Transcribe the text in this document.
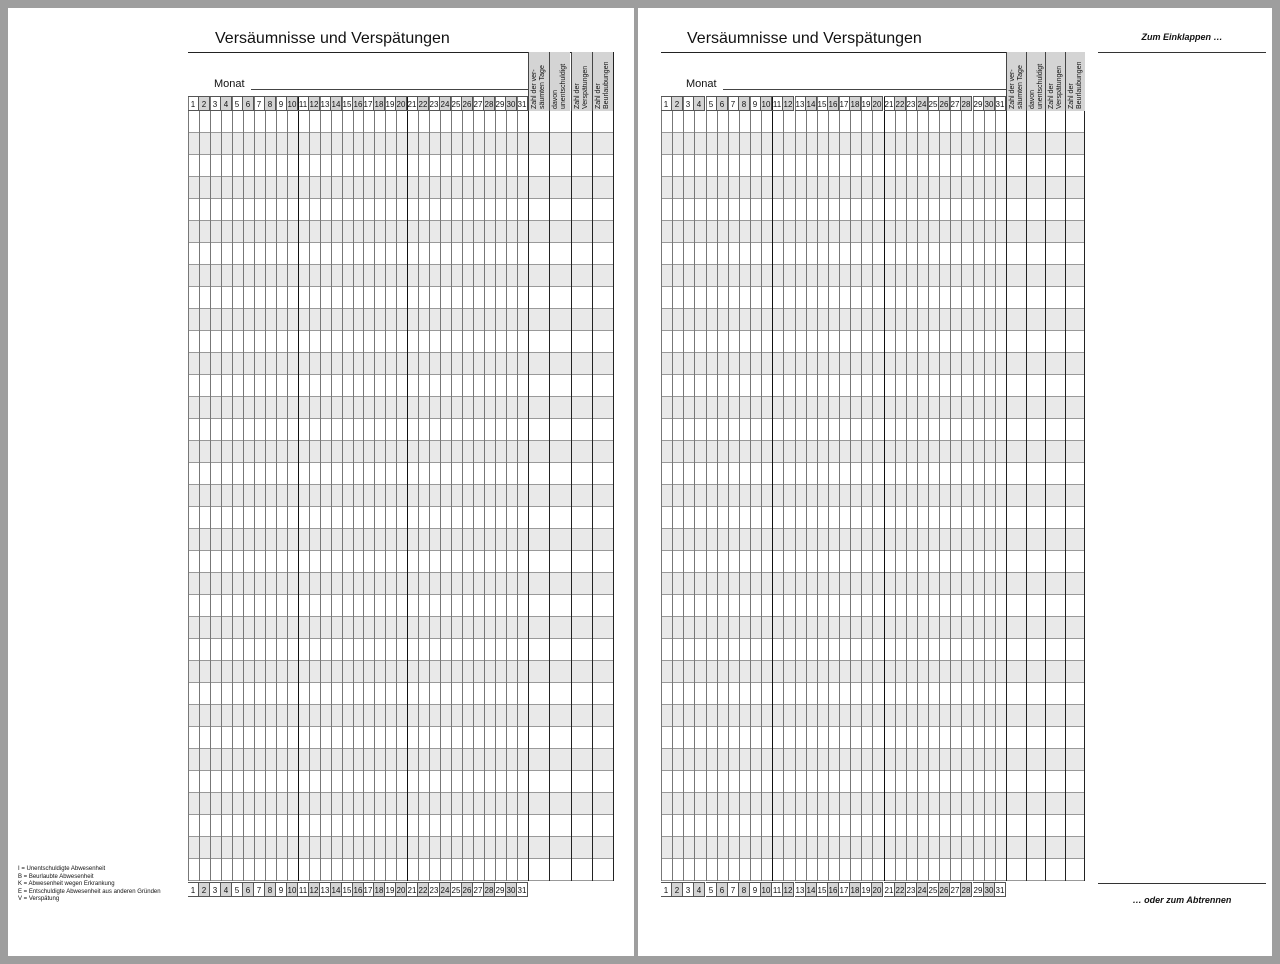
I = Unentschuldigte Abwesenheit
B = Beurlaubte Abwesenheit
K = Abwesenheit wegen Erkrankung
E = Entschuldigte Abwesenheit aus anderen Gründen
V = Verspätung
Zum Einklappen …
… oder zum Abtrennen
Versäumnisse und Verspätungen
Monat
Zahl der ver-
säumten Tage
davon
unentschuldigt Zahl der
Verspätungen Zahl der
Beurlaubungen
1 2 3 4 5 6 7 8 9 10 11 12 13 14 15 16 17 18 19 20 21 22 23 24 25 26 27 28 29 30 31
1 2 3 4 5 6 7 8 9 10 11 12 13 14 15 16 17 18 19 20 21 22 23 24 25 26 27 28 29 30 31
Versäumnisse und Verspätungen
Monat
Zahl der ver-
säumten Tage
davon
unentschuldigt Zahl der
Verspätungen Zahl der
Beurlaubungen
1 2 3 4 5 6 7 8 9 10 11 12 13 14 15 16 17 18 19 20 21 22 23 24 25 26 27 28 29 30 31
1 2 3 4 5 6 7 8 9 10 11 12 13 14 15 16 17 18 19 20 21 22 23 24 25 26 27 28 29 30 31
